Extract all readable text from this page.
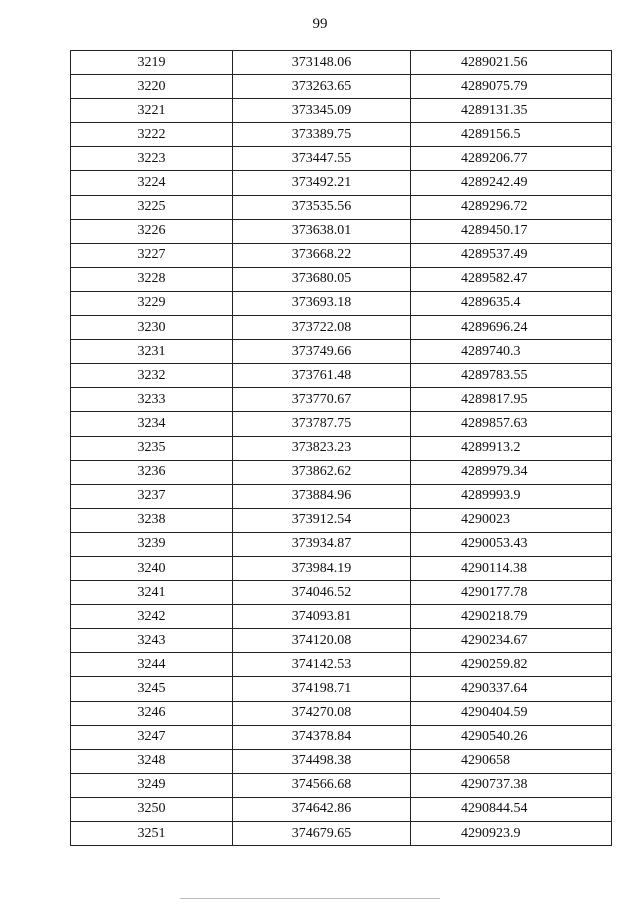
99
3219	373148.06	4289021.56
3220	373263.65	4289075.79
3221	373345.09	4289131.35
3222	373389.75	4289156.5
3223	373447.55	4289206.77
3224	373492.21	4289242.49
3225	373535.56	4289296.72
3226	373638.01	4289450.17
3227	373668.22	4289537.49
3228	373680.05	4289582.47
3229	373693.18	4289635.4
3230	373722.08	4289696.24
3231	373749.66	4289740.3
3232	373761.48	4289783.55
3233	373770.67	4289817.95
3234	373787.75	4289857.63
3235	373823.23	4289913.2
3236	373862.62	4289979.34
3237	373884.96	4289993.9
3238	373912.54	4290023
3239	373934.87	4290053.43
3240	373984.19	4290114.38
3241	374046.52	4290177.78
3242	374093.81	4290218.79
3243	374120.08	4290234.67
3244	374142.53	4290259.82
3245	374198.71	4290337.64
3246	374270.08	4290404.59
3247	374378.84	4290540.26
3248	374498.38	4290658
3249	374566.68	4290737.38
3250	374642.86	4290844.54
3251	374679.65	4290923.9
